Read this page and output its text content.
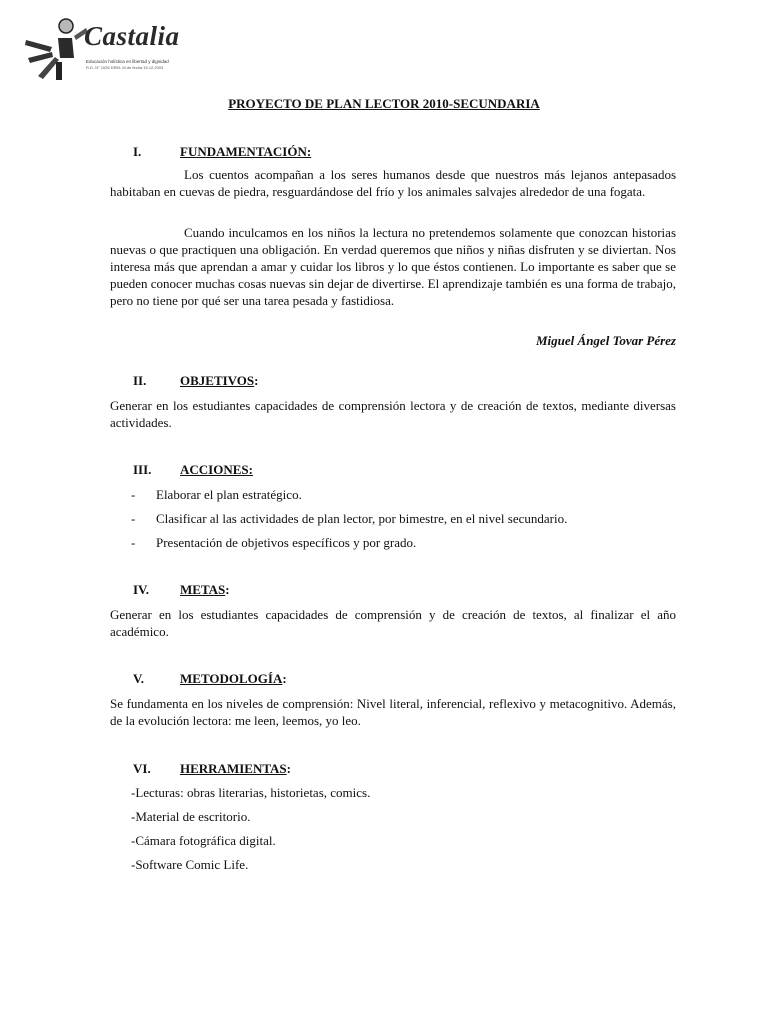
Castalia
Educación holística en libertad y dignidad
R.D. N° 1026 DREL M de fecha 15.12.2003
PROYECTO DE PLAN LECTOR 2010-SECUNDARIA
I.	FUNDAMENTACIÓN:

Los cuentos acompañan a los seres humanos desde que nuestros más lejanos antepasados habitaban en cuevas de piedra, resguardándose del frío y los animales salvajes alrededor de una fogata.

Cuando inculcamos en los niños la lectura no pretendemos solamente que conozcan historias nuevas o que practiquen una obligación. En verdad queremos que niños y niñas disfruten y se diviertan. Nos interesa más que aprendan a amar y cuidar los libros y lo que éstos contienen. Lo importante es saber que se pueden conocer muchas cosas nuevas sin dejar de divertirse. El aprendizaje también es una forma de trabajo, pero no tiene por qué ser una tarea pesada y fastidiosa.

Miguel Ángel Tovar Pérez
II.	OBJETIVOS:

Generar en los estudiantes capacidades de comprensión lectora y de creación de textos, mediante diversas actividades.

III. ACCIONES:
- Elaborar el plan estratégico.
- Clasificar al las actividades de plan lector, por bimestre, en el nivel secundario.
- Presentación de objetivos específicos y por grado.
IV. METAS:

Generar en los estudiantes capacidades de comprensión y de creación de textos, al finalizar el año académico.

V.	METODOLOGÍA:

Se fundamenta en los niveles de comprensión: Nivel literal, inferencial, reflexivo y metacognitivo. Además, de la evolución lectora: me leen, leemos, yo leo.

VI. HERRAMIENTAS:
-Lecturas: obras literarias, historietas, comics.
-Material de escritorio.
-Cámara fotográfica digital.
-Software Comic Life.
